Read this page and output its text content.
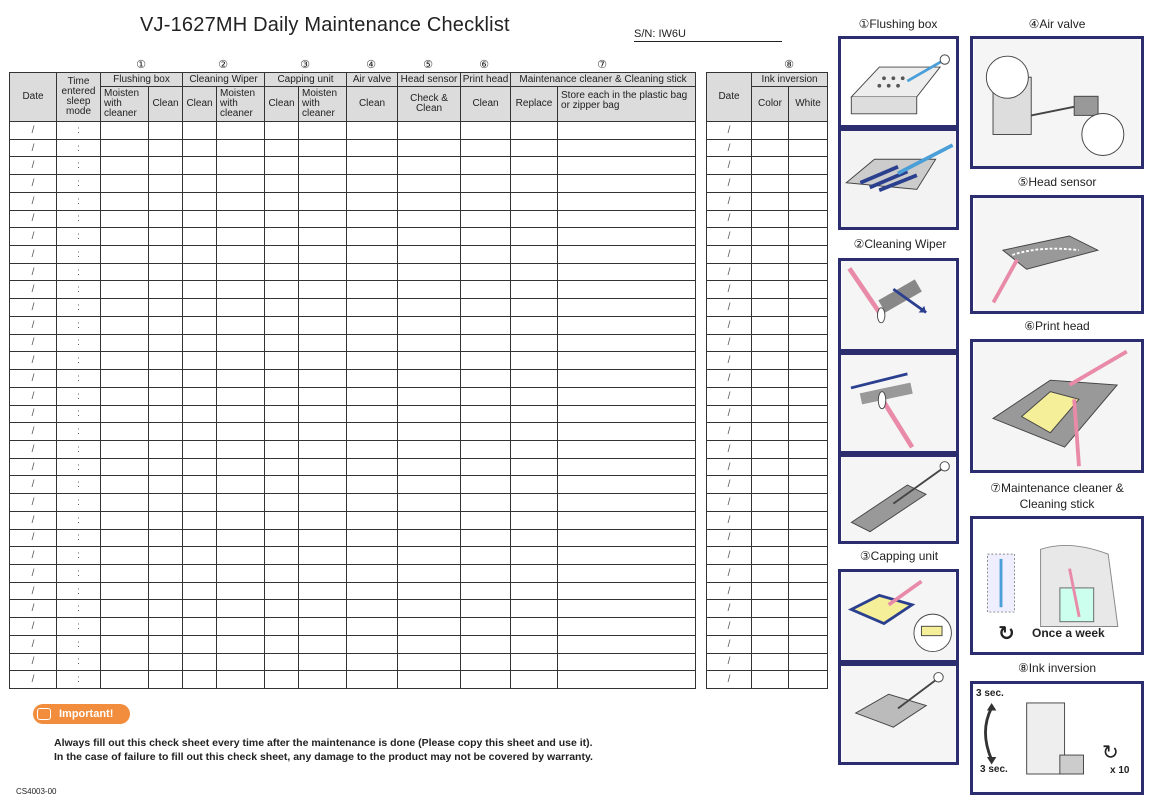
VJ-1627MH Daily Maintenance Checklist	S/N: IW6U
①	②	③	④	⑤	⑥	⑦	⑧
Date	Time entered sleep mode	Flushing box		Cleaning Wiper		Capping unit		Air valve	Head sensor	Print head	Maintenance cleaner & Cleaning stick	
		Moisten with cleaner	Clean	Clean	Moisten with cleaner	Clean	Moisten with cleaner	Clean	Check & Clean	Clean	Replace	Store each in the plastic bag or zipper bag
/	:											
/	:											
/	:											
/	:											
/	:											
/	:											
/	:											
/	:											
/	:											
/	:											
/	:											
/	:											
/	:											
/	:											
/	:											
/	:											
/	:											
/	:											
/	:											
/	:											
/	:											
/	:											
/	:											
/	:											
/	:											
/	:											
/	:											
/	:											
/	:											
/	:											
/	:											
/	:											
Date	Ink inversion	
	Color	White
/		
/		
/		
/		
/		
/		
/		
/		
/		
/		
/		
/		
/		
/		
/		
/		
/		
/		
/		
/		
/		
/		
/		
/		
/		
/		
/		
/		
/		
/		
/		
/		
Important!
Always fill out this check sheet every time after the maintenance is done (Please copy this sheet and use it).
In the case of failure to fill out this check sheet, any damage to the product may not be covered by warranty.
CS4003-00
①Flushing box
②Cleaning Wiper
③Capping unit
④Air valve
⑤Head sensor
⑥Print head
⑦Maintenance cleaner &
Cleaning stick
↻ Once a week
⑧Ink inversion
3 sec.
3 sec.
↻
x 10
